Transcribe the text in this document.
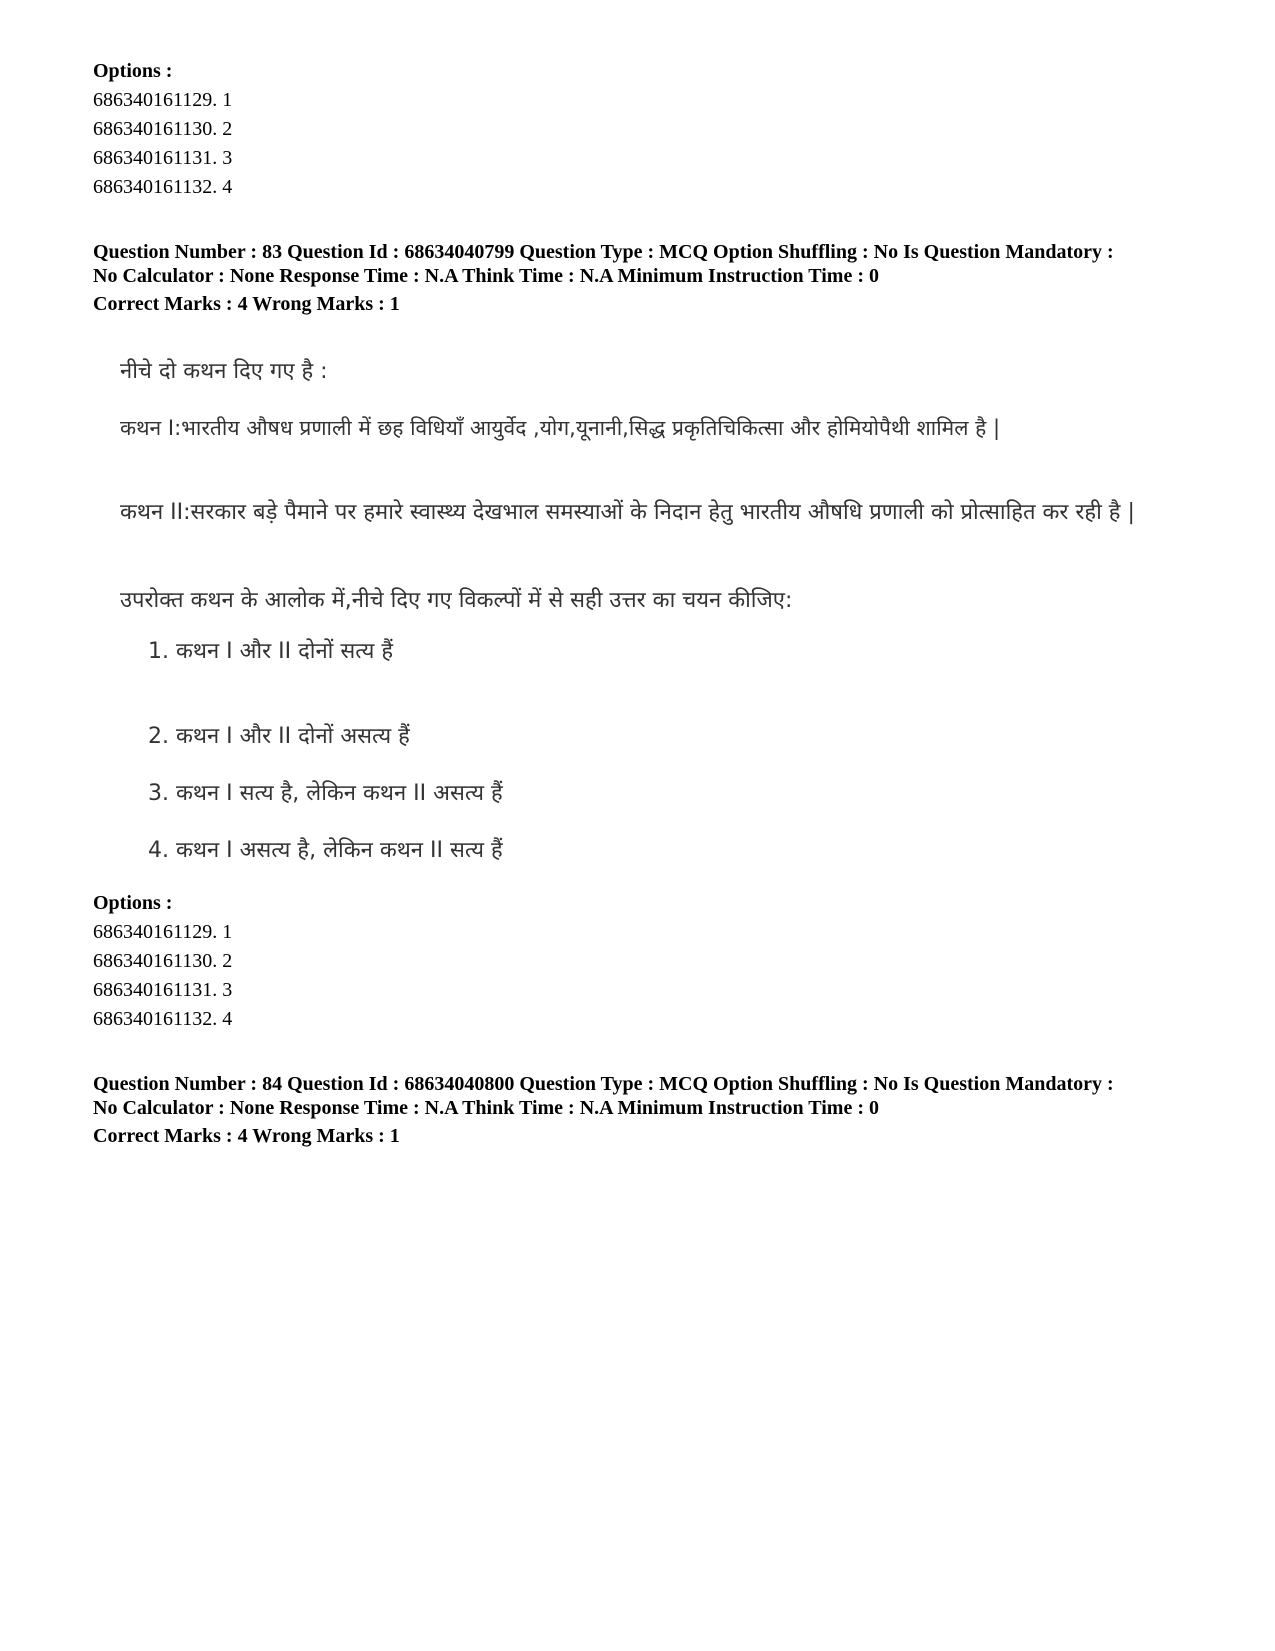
Options :
686340161129. 1
686340161130. 2
686340161131. 3
686340161132. 4
Question Number : 83 Question Id : 68634040799 Question Type : MCQ Option Shuffling : No Is Question Mandatory :
No Calculator : None Response Time : N.A Think Time : N.A Minimum Instruction Time : 0
Correct Marks : 4 Wrong Marks : 1
नीचे दो कथन दिए गए है :
कथन I:भारतीय औषध प्रणाली में छह विधियाँ आयुर्वेद ,योग,यूनानी,सिद्ध प्रकृतिचिकित्सा और होमियोपैथी शामिल है |
कथन II:सरकार बड़े पैमाने पर हमारे स्वास्थ्य देखभाल समस्याओं के निदान हेतु भारतीय औषधि प्रणाली को प्रोत्साहित कर रही है |
उपरोक्त कथन के आलोक में,नीचे दिए गए विकल्पों में से सही उत्तर का चयन कीजिए:
1. कथन I और II दोनों सत्य हैं
2. कथन I और II दोनों असत्य हैं
3. कथन I सत्य है, लेकिन कथन II असत्य हैं
4. कथन I असत्य है, लेकिन कथन II सत्य हैं
Options :
686340161129. 1
686340161130. 2
686340161131. 3
686340161132. 4
Question Number : 84 Question Id : 68634040800 Question Type : MCQ Option Shuffling : No Is Question Mandatory :
No Calculator : None Response Time : N.A Think Time : N.A Minimum Instruction Time : 0
Correct Marks : 4 Wrong Marks : 1
